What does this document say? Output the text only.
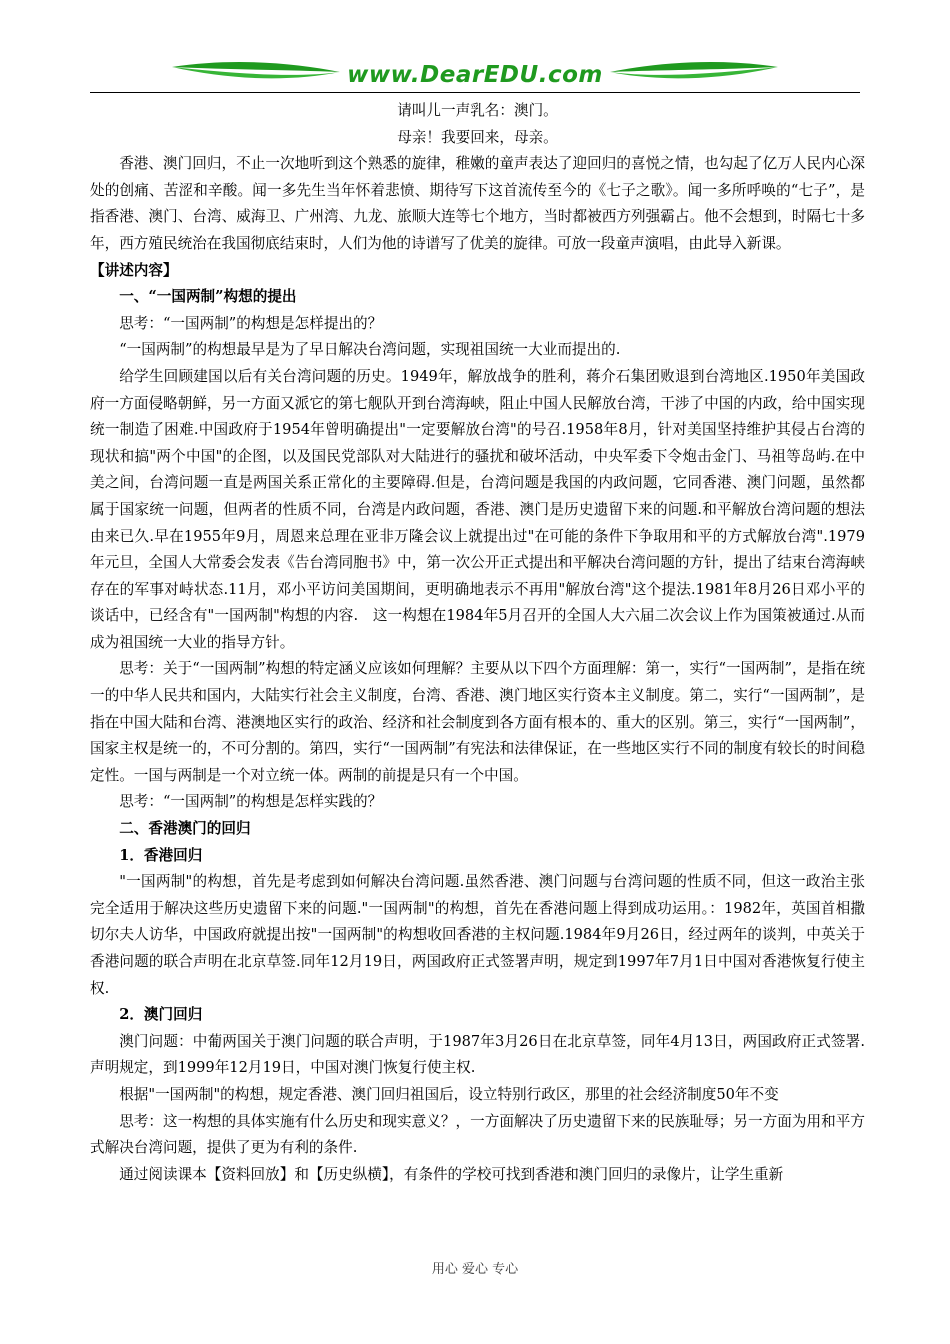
www.DearEDU.com

请叫儿一声乳名：澳门。

母亲！我要回来，母亲。

香港、澳门回归，不止一次地听到这个熟悉的旋律，稚嫩的童声表达了迎回归的喜悦之情，也勾起了亿万人民内心深处的创痛、苦涩和辛酸。闻一多先生当年怀着悲愤、期待写下这首流传至今的《七子之歌》。闻一多所呼唤的“七子”，是指香港、澳门、台湾、威海卫、广州湾、九龙、旅顺大连等七个地方，当时都被西方列强霸占。他不会想到，时隔七十多年，西方殖民统治在我国彻底结束时，人们为他的诗谱写了优美的旋律。可放一段童声演唱，由此导入新课。

【讲述内容】

一、“一国两制”构想的提出

思考：“一国两制”的构想是怎样提出的？

“一国两制”的构想最早是为了早日解决台湾问题，实现祖国统一大业而提出的.

给学生回顾建国以后有关台湾问题的历史。1949年，解放战争的胜利，蒋介石集团败退到台湾地区.1950年美国政府一方面侵略朝鲜，另一方面又派它的第七舰队开到台湾海峡，阻止中国人民解放台湾，干涉了中国的内政，给中国实现统一制造了困难.中国政府于1954年曾明确提出"一定要解放台湾"的号召.1958年8月，针对美国坚持维护其侵占台湾的现状和搞"两个中国"的企图，以及国民党部队对大陆进行的骚扰和破坏活动，中央军委下令炮击金门、马祖等岛屿.在中美之间，台湾问题一直是两国关系正常化的主要障碍.但是，台湾问题是我国的内政问题，它同香港、澳门问题，虽然都属于国家统一问题，但两者的性质不同，台湾是内政问题，香港、澳门是历史遗留下来的问题.和平解放台湾问题的想法由来已久.早在1955年9月，周恩来总理在亚非万隆会议上就提出过"在可能的条件下争取用和平的方式解放台湾".1979年元旦，全国人大常委会发表《告台湾同胞书》中，第一次公开正式提出和平解决台湾问题的方针，提出了结束台湾海峡存在的军事对峙状态.11月，邓小平访问美国期间，更明确地表示不再用"解放台湾"这个提法.1981年8月26日邓小平的谈话中，已经含有"一国两制"构想的内容.　这一构想在1984年5月召开的全国人大六届二次会议上作为国策被通过.从而成为祖国统一大业的指导方针。

思考：关于“一国两制”构想的特定涵义应该如何理解？主要从以下四个方面理解：第一，实行“一国两制”，是指在统一的中华人民共和国内，大陆实行社会主义制度，台湾、香港、澳门地区实行资本主义制度。第二，实行“一国两制”，是指在中国大陆和台湾、港澳地区实行的政治、经济和社会制度到各方面有根本的、重大的区别。第三，实行“一国两制”，国家主权是统一的，不可分割的。第四，实行“一国两制”有宪法和法律保证，在一些地区实行不同的制度有较长的时间稳定性。一国与两制是一个对立统一体。两制的前提是只有一个中国。

思考：“一国两制”的构想是怎样实践的？

二、香港澳门的回归

1．香港回归

"一国两制"的构想，首先是考虑到如何解决台湾问题.虽然香港、澳门问题与台湾问题的性质不同，但这一政治主张完全适用于解决这些历史遗留下来的问题."一国两制"的构想，首先在香港问题上得到成功运用。：1982年，英国首相撒切尔夫人访华，中国政府就提出按"一国两制"的构想收回香港的主权问题.1984年9月26日，经过两年的谈判，中英关于香港问题的联合声明在北京草签.同年12月19日，两国政府正式签署声明，规定到1997年7月1日中国对香港恢复行使主权.

2．澳门回归

澳门问题：中葡两国关于澳门问题的联合声明，于1987年3月26日在北京草签，同年4月13日，两国政府正式签署.声明规定，到1999年12月19日，中国对澳门恢复行使主权.

根据"一国两制"的构想，规定香港、澳门回归祖国后，设立特别行政区，那里的社会经济制度50年不变

思考：这一构想的具体实施有什么历史和现实意义？，一方面解决了历史遗留下来的民族耻辱；另一方面为用和平方式解决台湾问题，提供了更为有利的条件.

通过阅读课本【资料回放】和【历史纵横】，有条件的学校可找到香港和澳门回归的录像片，让学生重新

用心 爱心 专心
